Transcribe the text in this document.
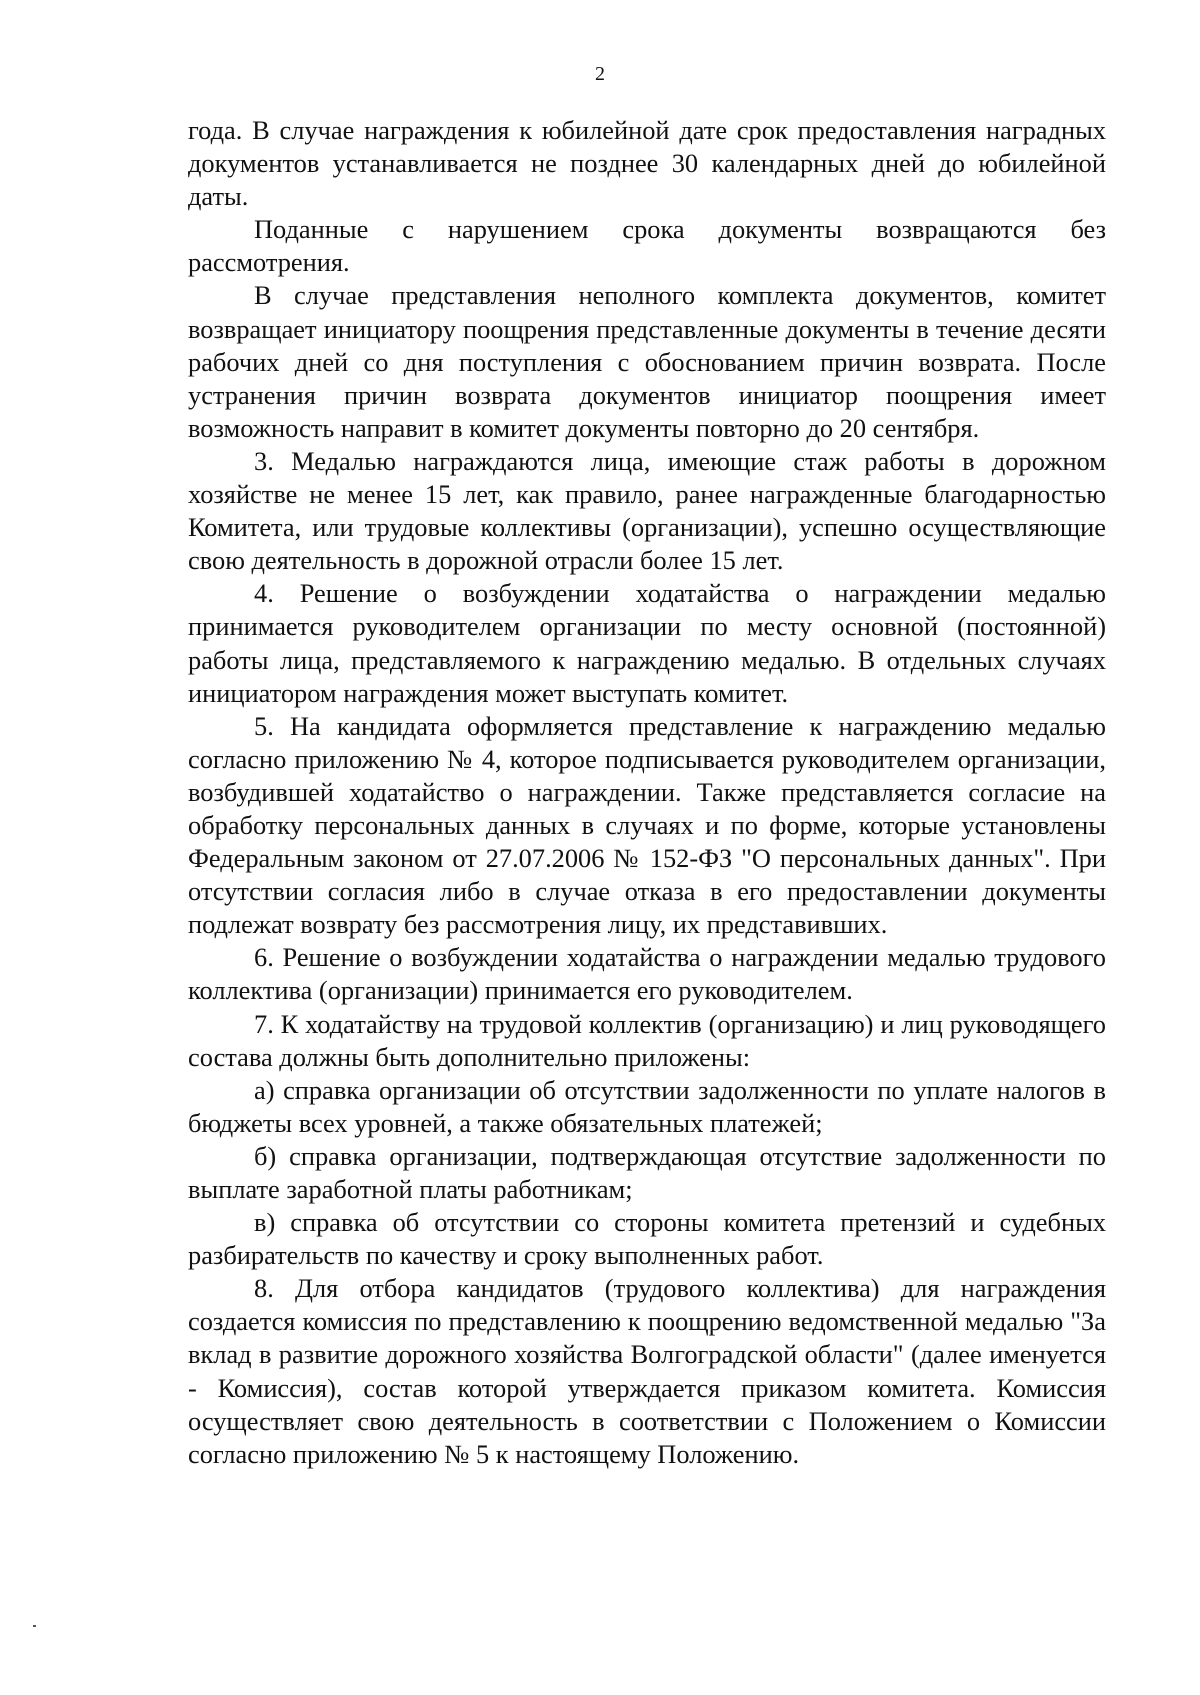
2

года. В случае награждения к юбилейной дате срок предоставления наградных документов устанавливается не позднее 30 календарных дней до юбилейной даты.

Поданные с нарушением срока документы возвращаются без рассмотрения.

В случае представления неполного комплекта документов, комитет возвращает инициатору поощрения представленные документы в течение десяти рабочих дней со дня поступления с обоснованием причин возврата. После устранения причин возврата документов инициатор поощрения имеет возможность направит в комитет документы повторно до 20 сентября.

3. Медалью награждаются лица, имеющие стаж работы в дорожном хозяйстве не менее 15 лет, как правило, ранее награжденные благодарностью Комитета, или трудовые коллективы (организации), успешно осуществляющие свою деятельность в дорожной отрасли более 15 лет.

4. Решение о возбуждении ходатайства о награждении медалью принимается руководителем организации по месту основной (постоянной) работы лица, представляемого к награждению медалью. В отдельных случаях инициатором награждения может выступать комитет.

5. На кандидата оформляется представление к награждению медалью согласно приложению № 4, которое подписывается руководителем организации, возбудившей ходатайство о награждении. Также представляется согласие на обработку персональных данных в случаях и по форме, которые установлены Федеральным законом от 27.07.2006 № 152-ФЗ "О персональных данных". При отсутствии согласия либо в случае отказа в его предоставлении документы подлежат возврату без рассмотрения лицу, их представивших.

6. Решение о возбуждении ходатайства о награждении медалью трудового коллектива (организации) принимается его руководителем.

7. К ходатайству на трудовой коллектив (организацию) и лиц руководящего состава должны быть дополнительно приложены:

а) справка организации об отсутствии задолженности по уплате налогов в бюджеты всех уровней, а также обязательных платежей;

б) справка организации, подтверждающая отсутствие задолженности по выплате заработной платы работникам;

в) справка об отсутствии со стороны комитета претензий и судебных разбирательств по качеству и сроку выполненных работ.

8. Для отбора кандидатов (трудового коллектива) для награждения создается комиссия по представлению к поощрению ведомственной медалью "За вклад в развитие дорожного хозяйства Волгоградской области" (далее именуется - Комиссия), состав которой утверждается приказом комитета. Комиссия осуществляет свою деятельность в соответствии с Положением о Комиссии согласно приложению № 5 к настоящему Положению.
